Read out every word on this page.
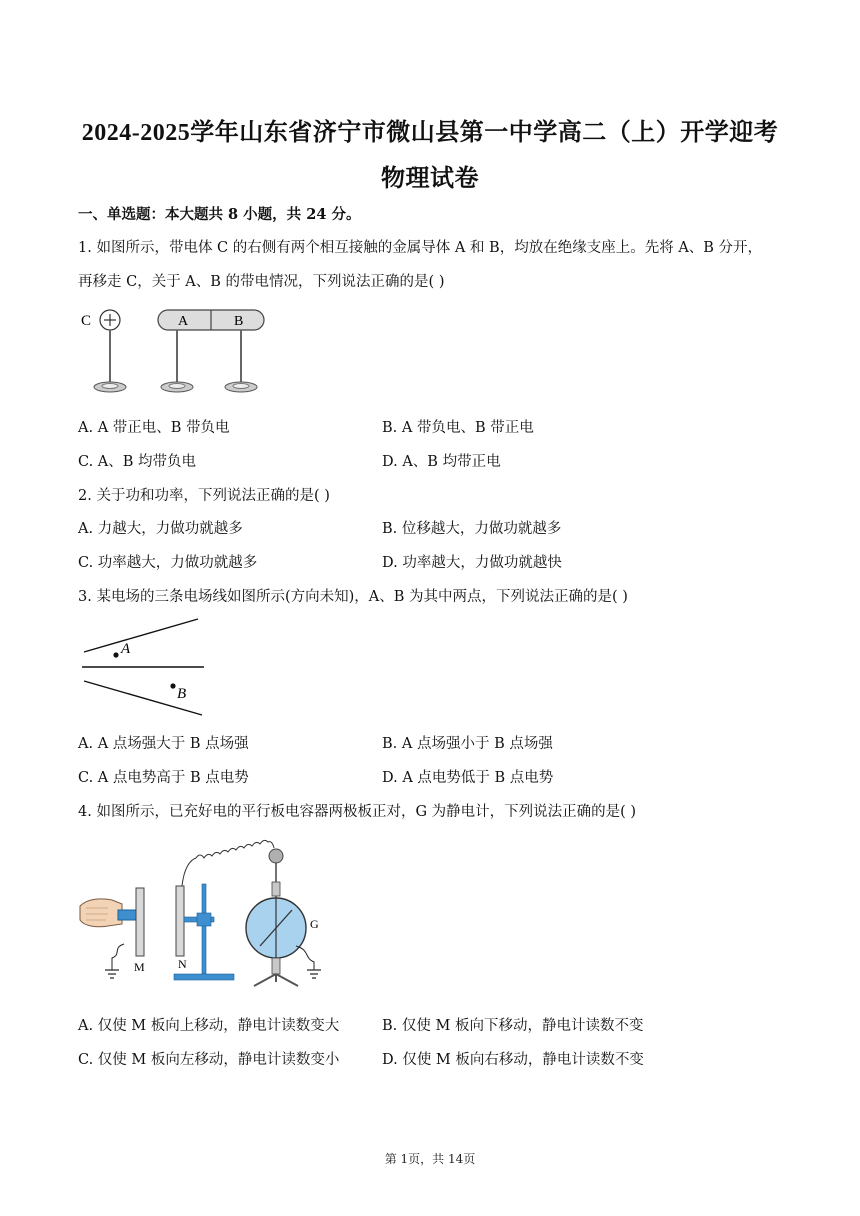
2024-2025学年山东省济宁市微山县第一中学高二（上）开学迎考
物理试卷
一、单选题：本大题共 8 小题，共 24 分。
1. 如图所示，带电体 C 的右侧有两个相互接触的金属导体 A 和 B，均放在绝缘支座上。先将 A、B 分开，
再移走 C，关于 A、B 的带电情况，下列说法正确的是( )
C	A	B
A. A 带正电、B 带负电	B. A 带负电、B 带正电
C. A、B 均带负电	D. A、B 均带正电
2. 关于功和功率，下列说法正确的是( )
A. 力越大，力做功就越多	B. 位移越大，力做功就越多
C. 功率越大，力做功就越多	D. 功率越大，力做功就越快
3. 某电场的三条电场线如图所示(方向未知)，A、B 为其中两点，下列说法正确的是( )
A
B
A. A 点场强大于 B 点场强	B. A 点场强小于 B 点场强
C. A 点电势高于 B 点电势	D. A 点电势低于 B 点电势
4. 如图所示，已充好电的平行板电容器两极板正对，G 为静电计，下列说法正确的是( )
M	N
G
A. 仅使 M 板向上移动，静电计读数变大	B. 仅使 M 板向下移动，静电计读数不变
C. 仅使 M 板向左移动，静电计读数变小	D. 仅使 M 板向右移动，静电计读数不变
第 1页，共 14页
